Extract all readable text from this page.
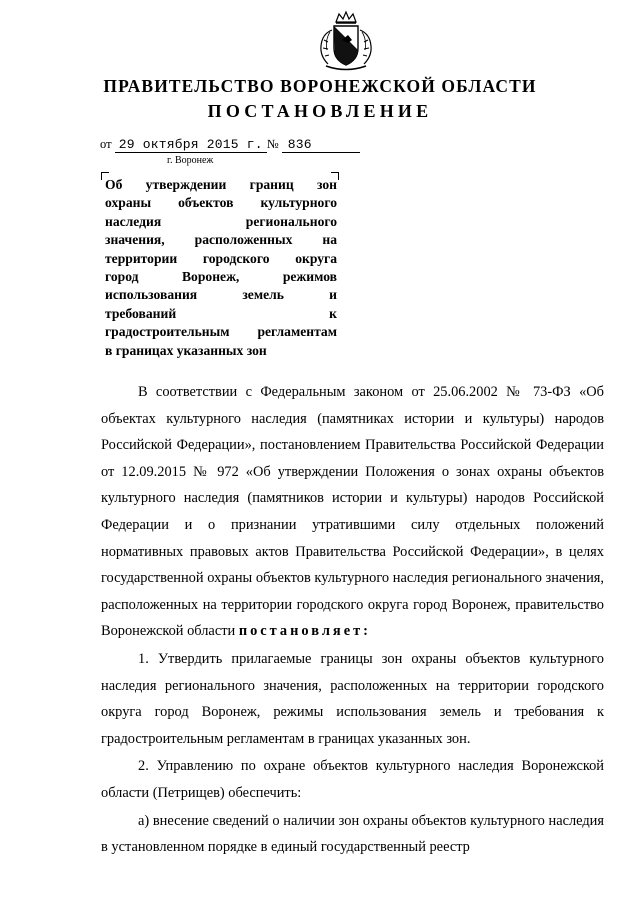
ПРАВИТЕЛЬСТВО ВОРОНЕЖСКОЙ ОБЛАСТИ
ПОСТАНОВЛЕНИЕ
от 29 октября 2015 г. № 836
г. Воронеж
Об утверждении границ зон
охраны объектов культурного
наследия регионального
значения, расположенных на
территории городского округа
город Воронеж, режимов
использования земель и
требований к
градостроительным регламентам
в границах указанных зон

В соответствии с Федеральным законом от 25.06.2002 № 73-ФЗ «Об объектах культурного наследия (памятниках истории и культуры) народов Российской Федерации», постановлением Правительства Российской Федерации от 12.09.2015 № 972 «Об утверждении Положения о зонах охраны объектов культурного наследия (памятников истории и культуры) народов Российской Федерации и о признании утратившими силу отдельных положений нормативных правовых актов Правительства Российской Федерации», в целях государственной охраны объектов культурного наследия регионального значения, расположенных на территории городского округа город Воронеж, правительство Воронежской области постановляет:

1. Утвердить прилагаемые границы зон охраны объектов культурного наследия регионального значения, расположенных на территории городского округа город Воронеж, режимы использования земель и требования к градостроительным регламентам в границах указанных зон.

2. Управлению по охране объектов культурного наследия Воронежской области (Петрищев) обеспечить:

а) внесение сведений о наличии зон охраны объектов культурного наследия в установленном порядке в единый государственный реестр
